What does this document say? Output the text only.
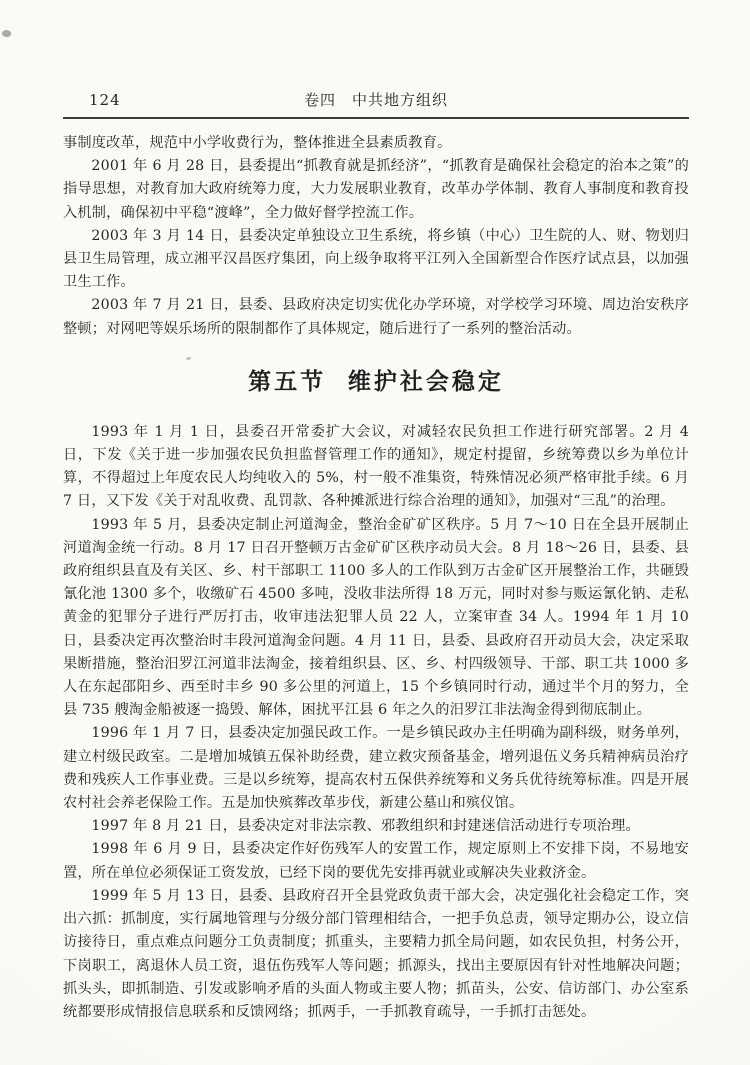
124	卷四　中共地方组织

事制度改革，规范中小学收费行为，整体推进全县素质教育。

2001 年 6 月 28 日，县委提出“抓教育就是抓经济”，“抓教育是确保社会稳定的治本之策”的指导思想，对教育加大政府统筹力度，大力发展职业教育，改革办学体制、教育人事制度和教育投入机制，确保初中平稳“渡峰”，全力做好督学控流工作。

2003 年 3 月 14 日，县委决定单独设立卫生系统，将乡镇（中心）卫生院的人、财、物划归县卫生局管理，成立湘平汉昌医疗集团，向上级争取将平江列入全国新型合作医疗试点县，以加强卫生工作。

2003 年 7 月 21 日，县委、县政府决定切实优化办学环境，对学校学习环境、周边治安秩序整顿；对网吧等娱乐场所的限制都作了具体规定，随后进行了一系列的整治活动。

第五节 维护社会稳定

1993 年 1 月 1 日，县委召开常委扩大会议，对减轻农民负担工作进行研究部署。2 月 4 日，下发《关于进一步加强农民负担监督管理工作的通知》，规定村提留，乡统筹费以乡为单位计算，不得超过上年度农民人均纯收入的 5%，村一般不准集资，特殊情况必须严格审批手续。6 月 7 日，又下发《关于对乱收费、乱罚款、各种摊派进行综合治理的通知》，加强对“三乱”的治理。

1993 年 5 月，县委决定制止河道淘金，整治金矿矿区秩序。5 月 7～10 日在全县开展制止河道淘金统一行动。8 月 17 日召开整顿万古金矿矿区秩序动员大会。8 月 18～26 日，县委、县政府组织县直及有关区、乡、村干部职工 1100 多人的工作队到万古金矿区开展整治工作，共砸毁氰化池 1300 多个，收缴矿石 4500 多吨，没收非法所得 18 万元，同时对参与贩运氰化钠、走私黄金的犯罪分子进行严厉打击，收审违法犯罪人员 22 人，立案审查 34 人。1994 年 1 月 10 日，县委决定再次整治时丰段河道淘金问题。4 月 11 日，县委、县政府召开动员大会，决定采取果断措施，整治汨罗江河道非法淘金，接着组织县、区、乡、村四级领导、干部、职工共 1000 多人在东起邵阳乡、西至时丰乡 90 多公里的河道上，15 个乡镇同时行动，通过半个月的努力，全县 735 艘淘金船被逐一捣毁、解体，困扰平江县 6 年之久的汨罗江非法淘金得到彻底制止。

1996 年 1 月 7 日，县委决定加强民政工作。一是乡镇民政办主任明确为副科级，财务单列，建立村级民政室。二是增加城镇五保补助经费，建立救灾预备基金，增列退伍义务兵精神病员治疗费和残疾人工作事业费。三是以乡统筹，提高农村五保供养统筹和义务兵优待统筹标准。四是开展农村社会养老保险工作。五是加快殡葬改革步伐，新建公墓山和殡仪馆。

1997 年 8 月 21 日，县委决定对非法宗教、邪教组织和封建迷信活动进行专项治理。

1998 年 6 月 9 日，县委决定作好伤残军人的安置工作，规定原则上不安排下岗，不易地安置，所在单位必须保证工资发放，已经下岗的要优先安排再就业或解决失业救济金。

1999 年 5 月 13 日，县委、县政府召开全县党政负责干部大会，决定强化社会稳定工作，突出六抓：抓制度，实行属地管理与分级分部门管理相结合，一把手负总责，领导定期办公，设立信访接待日，重点难点问题分工负责制度；抓重头，主要精力抓全局问题，如农民负担，村务公开，下岗职工，离退休人员工资，退伍伤残军人等问题；抓源头，找出主要原因有针对性地解决问题；抓头头，即抓制造、引发或影响矛盾的头面人物或主要人物；抓苗头，公安、信访部门、办公室系统都要形成情报信息联系和反馈网络；抓两手，一手抓教育疏导，一手抓打击惩处。
